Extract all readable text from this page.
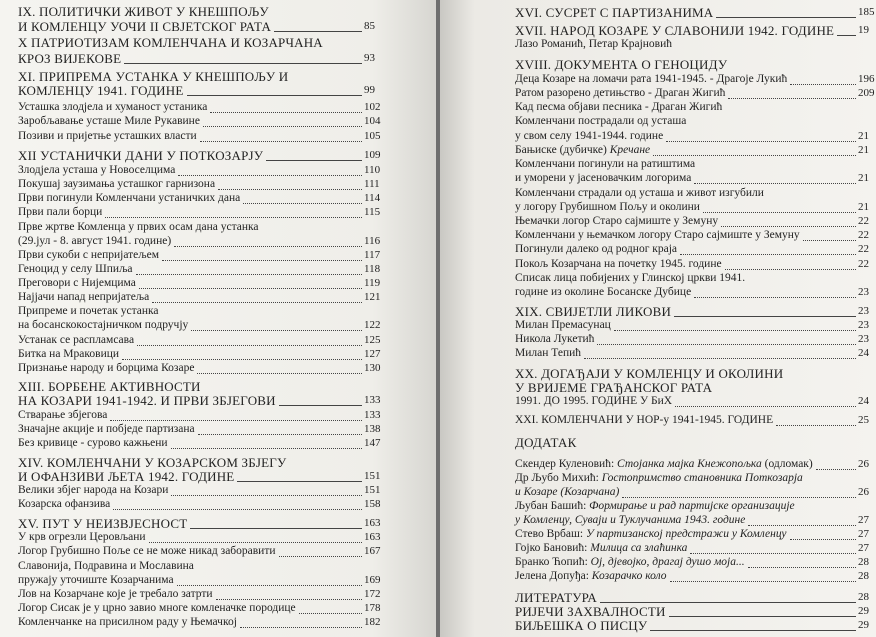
IX. ПОЛИТИЧКИ ЖИВОТ У КНЕШПОЉУ
И КОМЛЕНЦУ УОЧИ II СВЈЕТСКОГ РАТА	85
X ПАТРИОТИЗАМ КОМЛЕНЧАНА И КОЗАРЧАНА
КРОЗ ВИЈЕКОВЕ	93
XI. ПРИПРЕМА УСТАНКА У КНЕШПОЉУ И
КОМЛЕНЦУ 1941. ГОДИНЕ	99
Усташка злодјела и хуманост устаника	102
Заробљавање усташе Миле Рукавине	104
Позиви и пријетње усташких власти	105
XII УСТАНИЧКИ ДАНИ У ПОТКОЗАРЈУ	109
Злодјела усташа у Новоселцима	110
Покушај заузимања усташког гарнизона	111
Први погинули Комленчани устаничких дана	114
Први пали борци	115
Прве жртве Комленца у првих осам дана устанка
(29.јул - 8. август 1941. године)	116
Први сукоби с непријатељем	117
Геноцид у селу Шпиља	118
Преговори с Нијемцима	119
Најјачи напад непријатеља	121
Припреме и почетак устанка
на босанскокостајничком подручју	122
Устанак се распламсава	125
Битка на Мраковици	127
Признање народу и борцима Козаре	130
XIII. БОРБЕНЕ АКТИВНОСТИ
НА КОЗАРИ 1941-1942. И ПРВИ ЗБЈЕГОВИ	133
Стварање збјегова	133
Значајне акције и побједе партизана	138
Без кривице - сурово кажњени	147
XIV. КОМЛЕНЧАНИ У КОЗАРСКОМ ЗБЈЕГУ
И ОФАНЗИВИ ЉЕТА 1942. ГОДИНЕ	151
Велики збјег народа на Козари	151
Козарска офанзива	158
XV. ПУТ У НЕИЗВЈЕСНОСТ	163
У крв огрезли Церовљани	163
Логор Грубишно Поље се не може никад заборавити	167
Славонија, Подравина и Мославина
пружају уточиште Козарчанима	169
Лов на Козарчане које је требало затрти	172
Логор Сисак је у црно завио многе комленачке породице	178
Комленчанке на присилном раду у Њемачкој	182
XVI. СУСРЕТ С ПАРТИЗАНИМА	185
XVII. НАРОД КОЗАРЕ У СЛАВОНИЈИ 1942. ГОДИНЕ 19
Лазо Романић, Петар Крајновић
XVIII. ДОКУМЕНТА О ГЕНОЦИДУ
Деца Козаре на ломачи рата 1941-1945. - Драгоје Лукић	196
Ратом разорено детињство - Драган Жигић	209
Кад песма објави песника - Драган Жигић
Комленчани пострадали од усташа
у свом селу 1941-1944. године	21
Бањиске (дубичке) Кречане	21
Комленчани погинули на ратиштима
и уморени у јасеновачким логорима	21
Комленчани страдали од усташа и живот изгубили
у логору Грубишном Пољу и околини	21
Њемачки логор Старо сајмиште у Земуну	22
Комленчани у њемачком логору Старо сајмиште у Земуну	22
Погинули далеко од родног краја	22
Покољ Козарчана на почетку 1945. године	22
Списак лица побијених у Глинској цркви 1941.
године из околине Босанске Дубице	23
XIX. СВИЈЕТЛИ ЛИКОВИ	23
Милан Премасунац	23
Никола Лукетић	23
Милан Тепић	24
XX. ДОГАЂАЈИ У КОМЛЕНЦУ И ОКОЛИНИ
У ВРИЈЕМЕ ГРАЂАНСКОГ РАТА
1991. ДО 1995. ГОДИНЕ У БиХ	24
XXI. КОМЛЕНЧАНИ У НОР-у 1941-1945. ГОДИНЕ	25
ДОДАТАК
Скендер Куленовић: Стојанка мајка Кнежопољка (одломак)	26
Др Љубо Михић: Гостопримство становника Поткозарја
и Козаре (Козарчана)	26
Љубан Башић: Формирање и рад партијске организације
у Комленцу, Суваји и Туклучанима 1943. године	27
Стево Врбаш: У партизанској предстражи у Комленцу	27
Гојко Бановић: Милица са злаћинка	27
Бранко Ћопић: Ој, дјевојко, драгај душо моја...	28
Јелена Допуђа: Козарачко коло	28
ЛИТЕРАТУРА	28
РИЈЕЧИ ЗАХВАЛНОСТИ	29
БИЉЕШКА О ПИСЦУ	29
